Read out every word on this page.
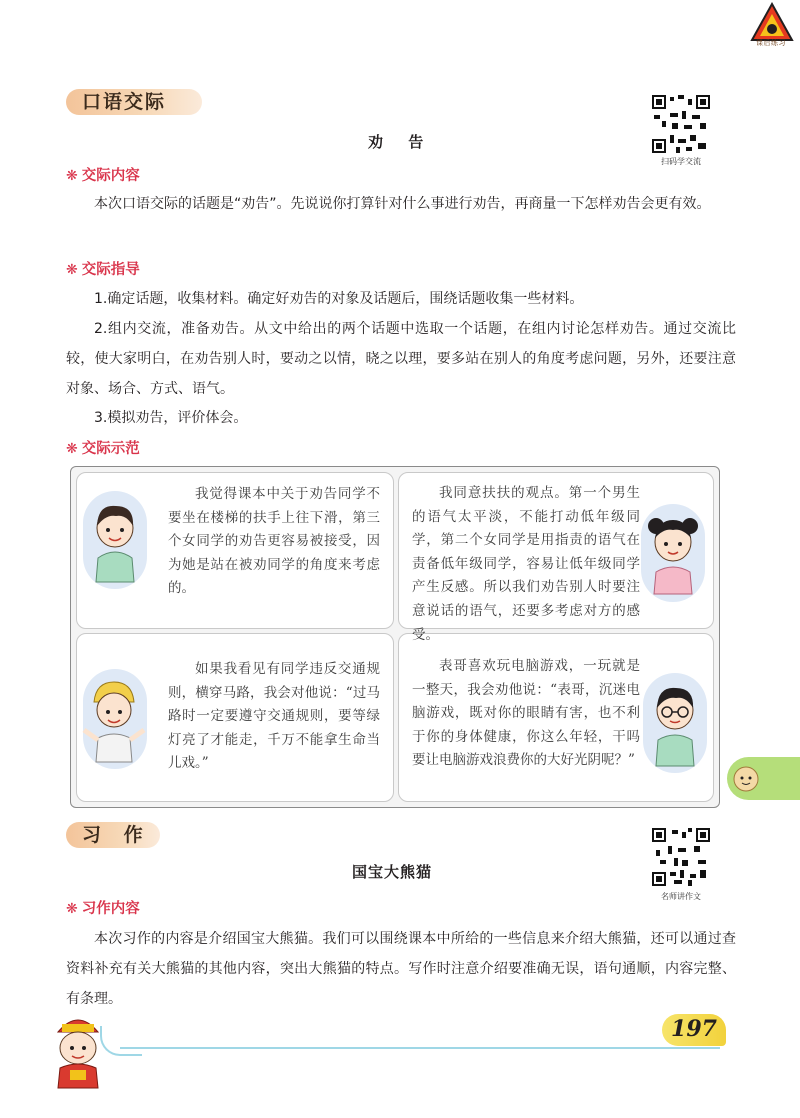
课后练习
口语交际
劝 告
扫码学交流
❋ 交际内容
本次口语交际的话题是“劝告”。先说说你打算针对什么事进行劝告，再商量一下怎样劝告会更有效。
❋ 交际指导
1.确定话题，收集材料。确定好劝告的对象及话题后，围绕话题收集一些材料。
2.组内交流，准备劝告。从文中给出的两个话题中选取一个话题，在组内讨论怎样劝告。通过交流比较，使大家明白，在劝告别人时，要动之以情，晓之以理，要多站在别人的角度考虑问题，另外，还要注意对象、场合、方式、语气。
3.模拟劝告，评价体会。
❋ 交际示范
我觉得课本中关于劝告同学不要坐在楼梯的扶手上往下滑，第三个女同学的劝告更容易被接受，因为她是站在被劝同学的角度来考虑的。
我同意扶扶的观点。第一个男生的语气太平淡，不能打动低年级同学，第二个女同学是用指责的语气在责备低年级同学，容易让低年级同学产生反感。所以我们劝告别人时要注意说话的语气，还要多考虑对方的感受。
如果我看见有同学违反交通规则，横穿马路，我会对他说：“过马路时一定要遵守交通规则，要等绿灯亮了才能走，千万不能拿生命当儿戏。”
表哥喜欢玩电脑游戏，一玩就是一整天，我会劝他说：“表哥，沉迷电脑游戏，既对你的眼睛有害，也不利于你的身体健康，你这么年轻，干吗要让电脑游戏浪费你的大好光阴呢？”
习 作
国宝大熊猫
名师讲作文
❋ 习作内容
本次习作的内容是介绍国宝大熊猫。我们可以围绕课本中所给的一些信息来介绍大熊猫，还可以通过查资料补充有关大熊猫的其他内容，突出大熊猫的特点。写作时注意介绍要准确无误，语句通顺，内容完整、有条理。
197
